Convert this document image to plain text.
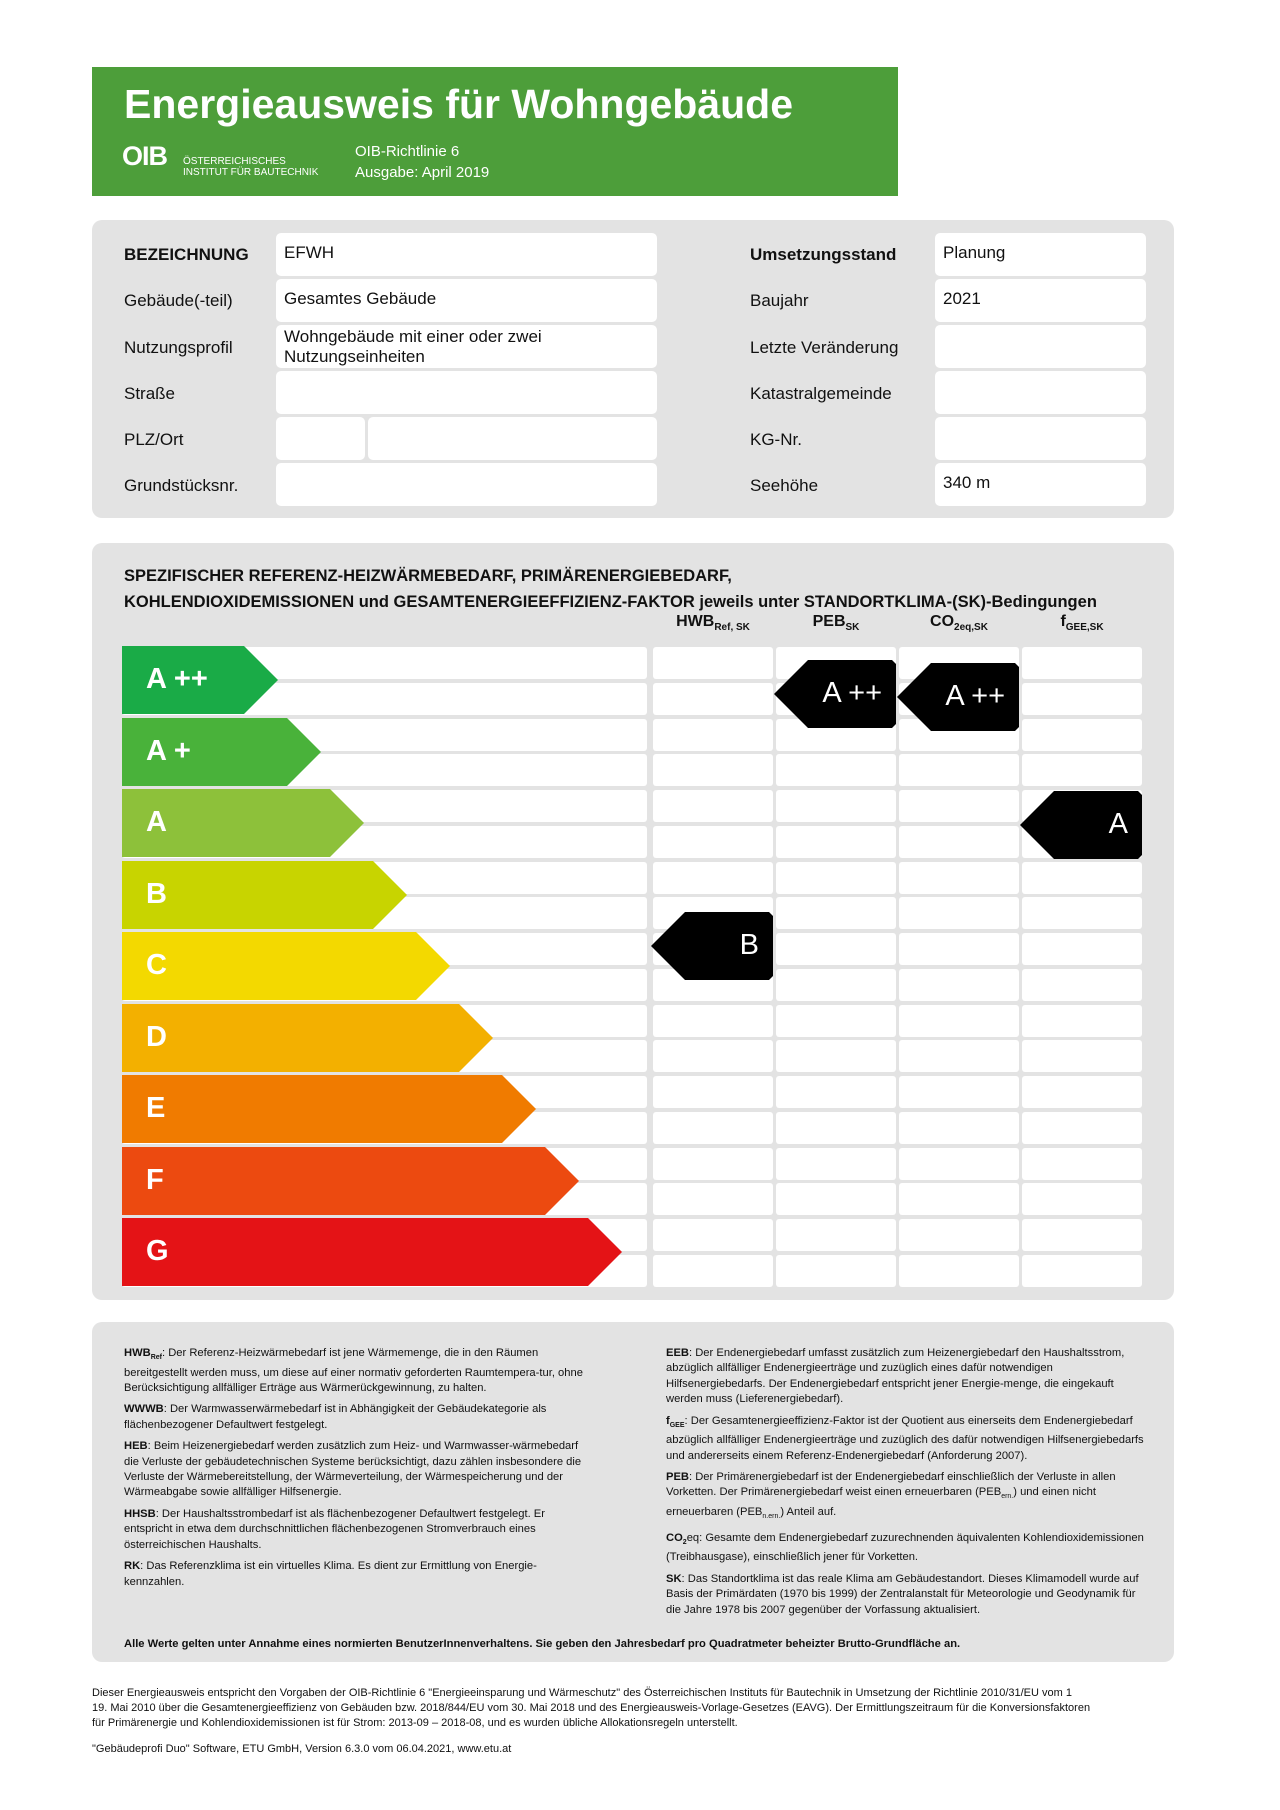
Energieausweis für Wohngebäude
OIB ÖSTERREICHISCHES
INSTITUT FÜR BAUTECHNIK
OIB-Richtlinie 6
Ausgabe: April 2019
BEZEICHNUNG	EFWH
Gebäude(-teil)	Gesamtes Gebäude
Nutzungsprofil
Wohngebäude mit einer oder zwei Nutzungseinheiten
Straße
PLZ/Ort
Grundstücksnr.
Umsetzungsstand	Planung
Baujahr	2021
Letzte Veränderung
Katastralgemeinde
KG-Nr.
Seehöhe	340 m
SPEZIFISCHER REFERENZ-HEIZWÄRMEBEDARF, PRIMÄRENERGIEBEDARF,
KOHLENDIOXIDEMISSIONEN und GESAMTENERGIEEFFIZIENZ-FAKTOR jeweils unter STANDORTKLIMA-(SK)-Bedingungen
$HWB_{Ref, SK}$	$PEB_{SK}$	$CO_{2eq,SK}$	$f_{GEE,SK}$
A ++
A +
A
B
C
D
E
F
G
B
A ++ A ++
A

$HWB_{Ref}$: Der Referenz-Heizwärmebedarf ist jene Wärmemenge, die in den Räumen bereitgestellt werden muss, um diese auf einer normativ geforderten Raumtempera-tur, ohne Berücksichtigung allfälliger Erträge aus Wärmerückgewinnung, zu halten.

WWWB: Der Warmwasserwärmebedarf ist in Abhängigkeit der Gebäudekategorie als flächenbezogener Defaultwert festgelegt.

HEB: Beim Heizenergiebedarf werden zusätzlich zum Heiz- und Warmwasser-wärmebedarf die Verluste der gebäudetechnischen Systeme berücksichtigt, dazu zählen insbesondere die Verluste der Wärmebereitstellung, der Wärmeverteilung, der Wärmespeicherung und der Wärmeabgabe sowie allfälliger Hilfsenergie.

HHSB: Der Haushaltsstrombedarf ist als flächenbezogener Defaultwert festgelegt. Er entspricht in etwa dem durchschnittlichen flächenbezogenen Stromverbrauch eines österreichischen Haushalts.

RK: Das Referenzklima ist ein virtuelles Klima. Es dient zur Ermittlung von Energie-kennzahlen.

EEB: Der Endenergiebedarf umfasst zusätzlich zum Heizenergiebedarf den Haushaltsstrom, abzüglich allfälliger Endenergieerträge und zuzüglich eines dafür notwendigen Hilfsenergiebedarfs. Der Endenergiebedarf entspricht jener Energie-menge, die eingekauft werden muss (Lieferenergiebedarf).

$f_{GEE}$: Der Gesamtenergieeffizienz-Faktor ist der Quotient aus einerseits dem Endenergiebedarf abzüglich allfälliger Endenergieerträge und zuzüglich des dafür notwendigen Hilfsenergiebedarfs und andererseits einem Referenz-Endenergiebedarf (Anforderung 2007).

PEB: Der Primärenergiebedarf ist der Endenergiebedarf einschließlich der Verluste in allen Vorketten. Der Primärenergiebedarf weist einen erneuerbaren $(PEB_{ern.})$ und einen nicht erneuerbaren $(PEB_{n.ern.})$ Anteil auf.

$CO_2eq$: Gesamte dem Endenergiebedarf zuzurechnenden äquivalenten Kohlendioxidemissionen (Treibhausgase), einschließlich jener für Vorketten.

SK: Das Standortklima ist das reale Klima am Gebäudestandort. Dieses Klimamodell wurde auf Basis der Primärdaten (1970 bis 1999) der Zentralanstalt für Meteorologie und Geodynamik für die Jahre 1978 bis 2007 gegenüber der Vorfassung aktualisiert.

Alle Werte gelten unter Annahme eines normierten BenutzerInnenverhaltens. Sie geben den Jahresbedarf pro Quadratmeter beheizter Brutto-Grundfläche an.
Dieser Energieausweis entspricht den Vorgaben der OIB-Richtlinie 6 "Energieeinsparung und Wärmeschutz" des Österreichischen Instituts für Bautechnik in Umsetzung der Richtlinie 2010/31/EU vom 1
19. Mai 2010 über die Gesamtenergieeffizienz von Gebäuden bzw. 2018/844/EU vom 30. Mai 2018 und des Energieausweis-Vorlage-Gesetzes (EAVG). Der Ermittlungszeitraum für die Konversionsfaktoren
für Primärenergie und Kohlendioxidemissionen ist für Strom: 2013-09 – 2018-08, und es wurden übliche Allokationsregeln unterstellt.
"Gebäudeprofi Duo" Software, ETU GmbH, Version 6.3.0 vom 06.04.2021, www.etu.at
